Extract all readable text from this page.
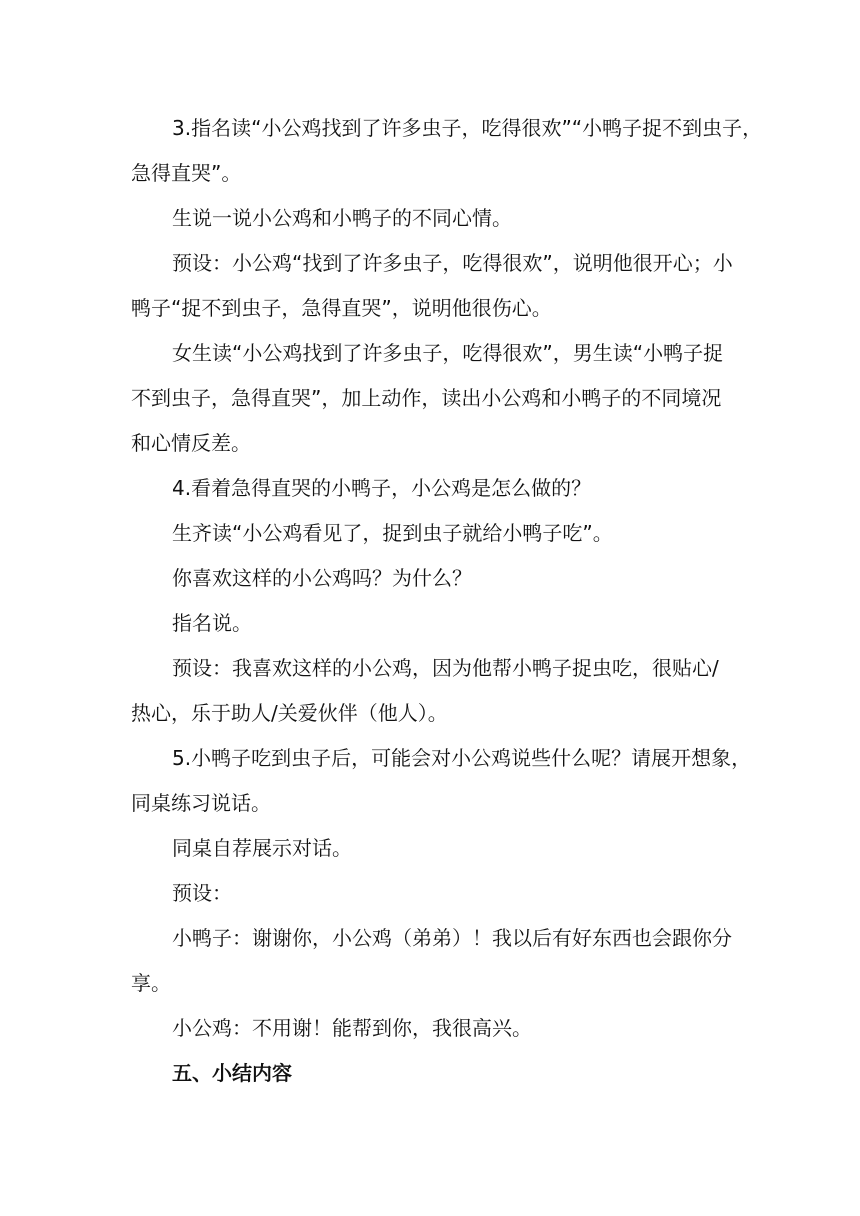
3.指名读“小公鸡找到了许多虫子，吃得很欢”“小鸭子捉不到虫子，

急得直哭”。

生说一说小公鸡和小鸭子的不同心情。

预设：小公鸡“找到了许多虫子，吃得很欢”，说明他很开心；小

鸭子“捉不到虫子，急得直哭”，说明他很伤心。

女生读“小公鸡找到了许多虫子，吃得很欢”，男生读“小鸭子捉

不到虫子，急得直哭”，加上动作，读出小公鸡和小鸭子的不同境况

和心情反差。

4.看着急得直哭的小鸭子，小公鸡是怎么做的？

生齐读“小公鸡看见了，捉到虫子就给小鸭子吃”。

你喜欢这样的小公鸡吗？为什么？

指名说。

预设：我喜欢这样的小公鸡，因为他帮小鸭子捉虫吃，很贴心/

热心，乐于助人/关爱伙伴（他人）。

5.小鸭子吃到虫子后，可能会对小公鸡说些什么呢？请展开想象，

同桌练习说话。

同桌自荐展示对话。

预设：

小鸭子：谢谢你，小公鸡（弟弟）！我以后有好东西也会跟你分

享。

小公鸡：不用谢！能帮到你，我很高兴。

五、小结内容
